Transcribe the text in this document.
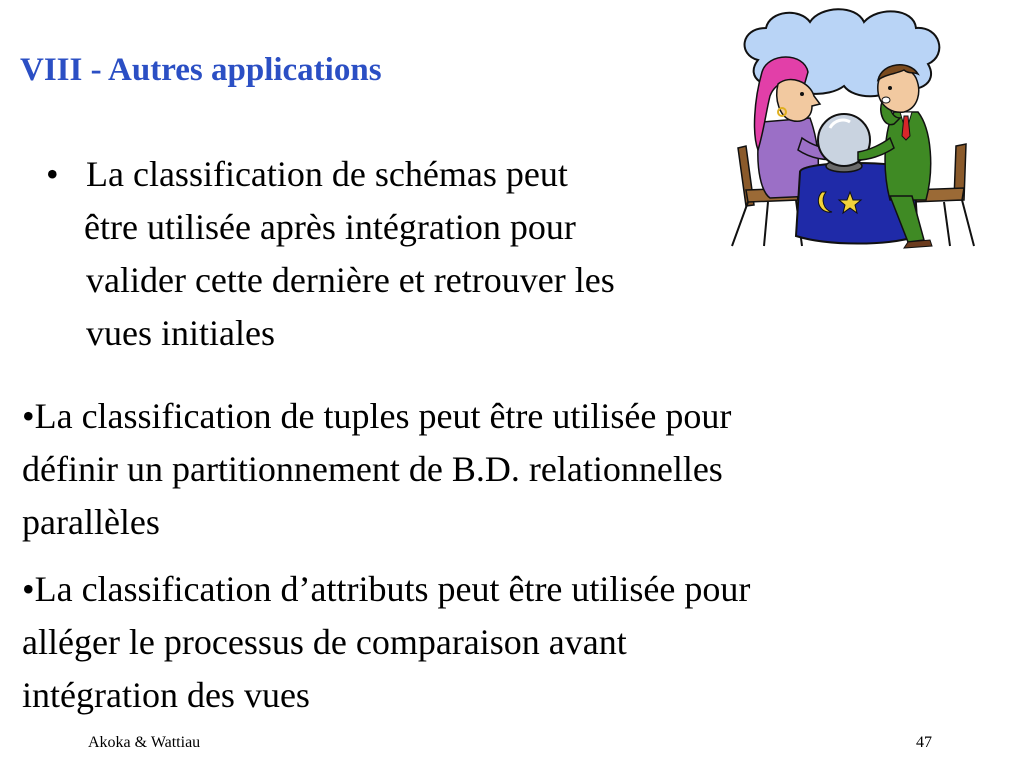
VIII - Autres applications
• La classification de schémas peut
être utilisée après intégration pour
valider cette dernière et retrouver les
vues initiales
•La classification de tuples peut être utilisée pour
définir un partitionnement de B.D. relationnelles
parallèles
•La classification d’attributs peut être utilisée pour
alléger le processus de comparaison avant
intégration des vues
Akoka & Wattiau	47
